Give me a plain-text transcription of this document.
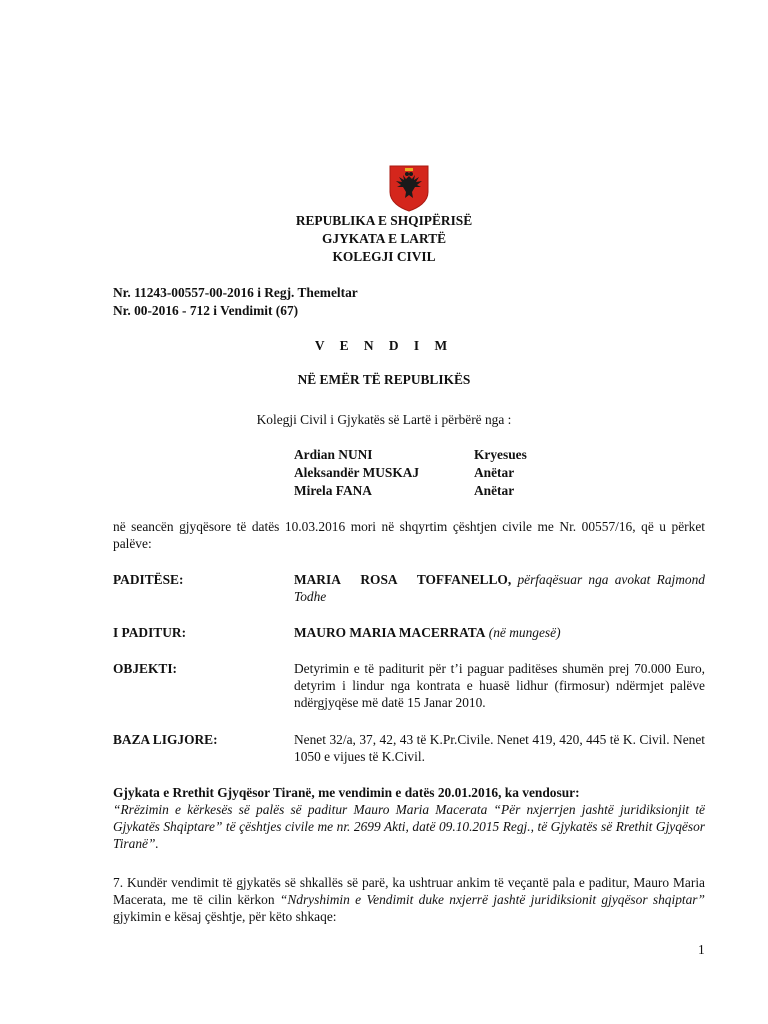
REPUBLIKA E SHQIPËRISË
GJYKATA E LARTË
KOLEGJI CIVIL
Nr. 11243-00557-00-2016 i Regj. Themeltar
Nr. 00-2016 - 712 i Vendimit (67)
V E N D I M
NË EMËR TË REPUBLIKËS
Kolegji Civil i Gjykatës së Lartë i përbërë nga :
Ardian NUNI	Kryesues
Aleksandër MUSKAJ	Anëtar
Mirela FANA	Anëtar
në seancën gjyqësore të datës 10.03.2016 mori në shqyrtim çështjen civile me Nr. 00557/16, që u përket palëve:
PADITËSE:	MARIA ROSA TOFFANELLO, përfaqësuar nga avokat Rajmond Todhe
I PADITUR:	MAURO MARIA MACERRATA (në mungesë)
OBJEKTI:	Detyrimin e të paditurit për t’i paguar paditëses shumën prej 70.000 Euro, detyrim i lindur nga kontrata e huasë lidhur (firmosur) ndërmjet palëve ndërgjyqëse më datë 15 Janar 2010.
BAZA LIGJORE:	Nenet 32/a, 37, 42, 43 të K.Pr.Civile. Nenet 419, 420, 445 të K. Civil. Nenet 1050 e vijues të K.Civil.
Gjykata e Rrethit Gjyqësor Tiranë, me vendimin e datës 20.01.2016, ka vendosur:
“Rrëzimin e kërkesës së palës së paditur Mauro Maria Macerata “Për nxjerrjen jashtë juridiksionjit të Gjykatës Shqiptare” të çështjes civile me nr. 2699 Akti, datë 09.10.2015 Regj., të Gjykatës së Rrethit Gjyqësor Tiranë”.
7. Kundër vendimit të gjykatës së shkallës së parë, ka ushtruar ankim të veçantë pala e paditur, Mauro Maria Macerata, me të cilin kërkon “Ndryshimin e Vendimit duke nxjerrë jashtë juridiksionit gjyqësor shqiptar” gjykimin e kësaj çështje, për këto shkaqe:
1
